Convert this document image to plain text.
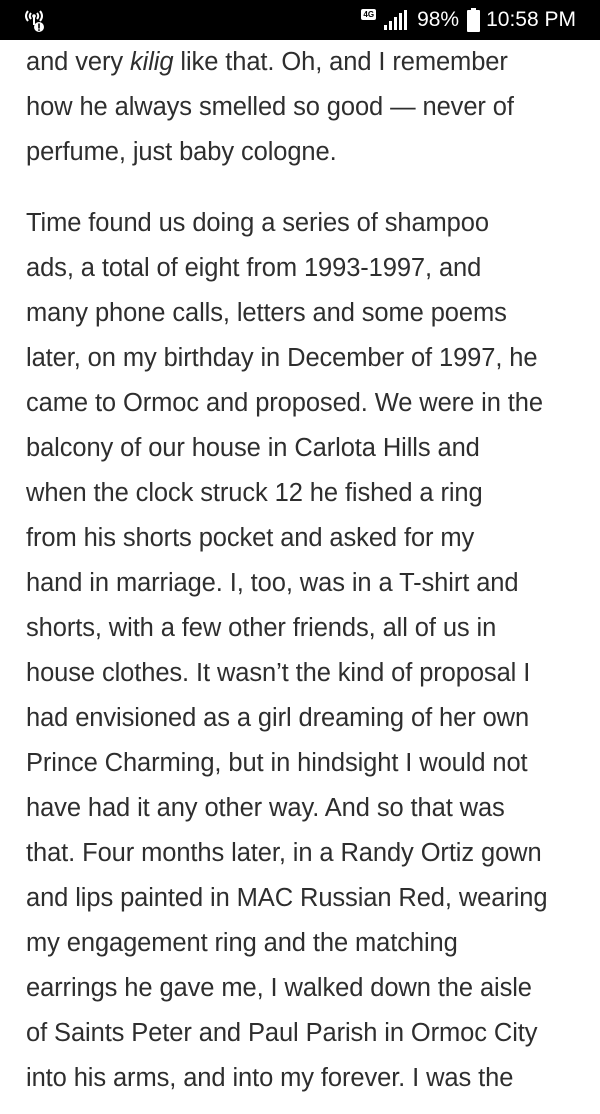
4G 98% 10:58 PM
and very kilig like that. Oh, and I remember
how he always smelled so good — never of
perfume, just baby cologne.
Time found us doing a series of shampoo
ads, a total of eight from 1993-1997, and
many phone calls, letters and some poems
later, on my birthday in December of 1997, he
came to Ormoc and proposed. We were in the
balcony of our house in Carlota Hills and
when the clock struck 12 he fished a ring
from his shorts pocket and asked for my
hand in marriage. I, too, was in a T-shirt and
shorts, with a few other friends, all of us in
house clothes. It wasn’t the kind of proposal I
had envisioned as a girl dreaming of her own
Prince Charming, but in hindsight I would not
have had it any other way. And so that was
that. Four months later, in a Randy Ortiz gown
and lips painted in MAC Russian Red, wearing
my engagement ring and the matching
earrings he gave me, I walked down the aisle
of Saints Peter and Paul Parish in Ormoc City
into his arms, and into my forever. I was the
